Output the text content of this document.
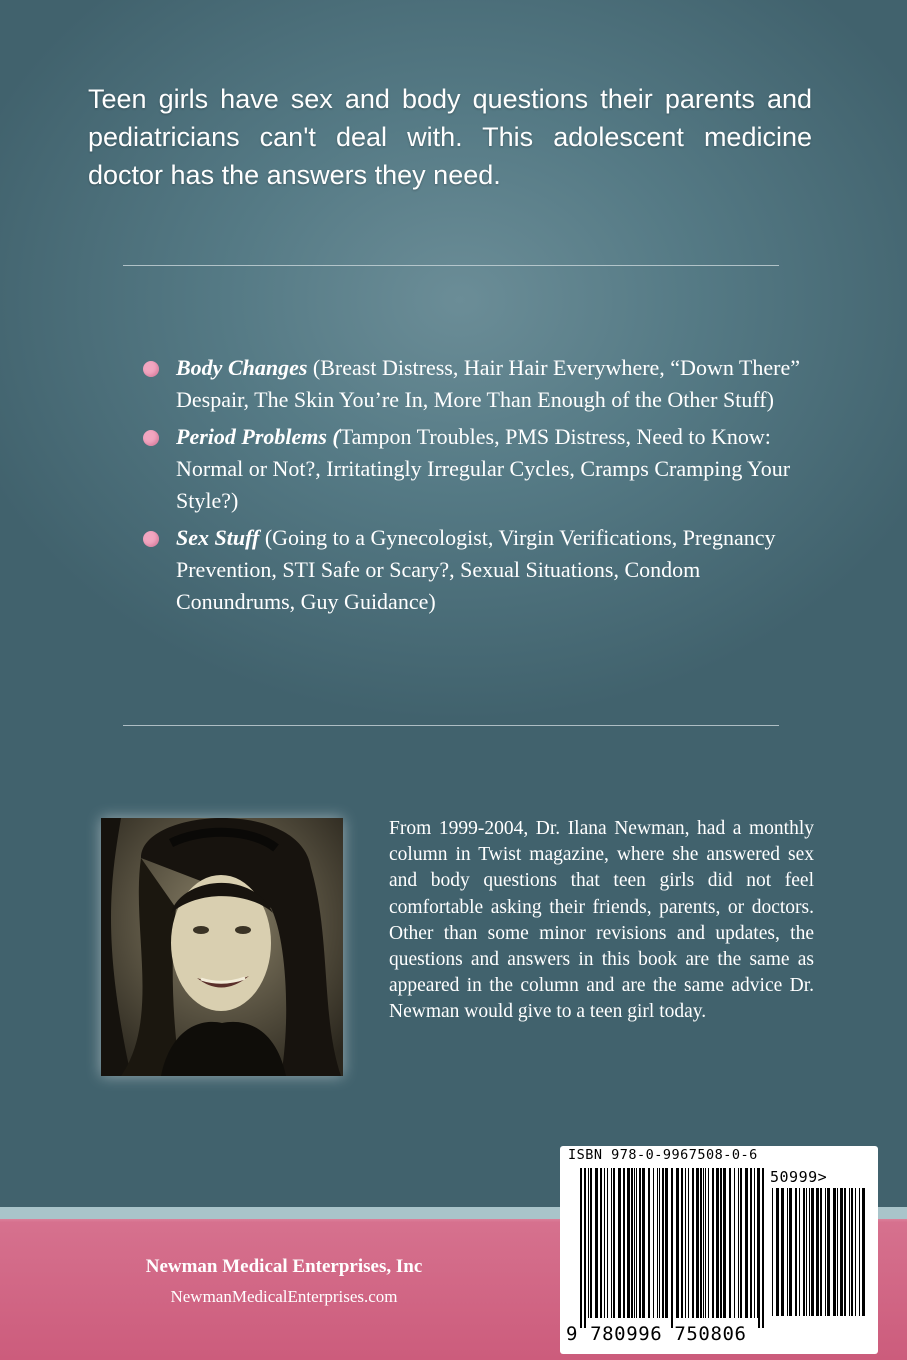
Teen girls have sex and body questions their parents and pediatricians can't deal with. This adolescent medicine doctor has the answers they need.

Body Changes (Breast Distress, Hair Hair Everywhere, “Down There” Despair, The Skin You’re In, More Than Enough of the Other Stuff)
Period Problems (Tampon Troubles, PMS Distress, Need to Know: Normal or Not?, Irritatingly Irregular Cycles, Cramps Cramping Your Style?)
Sex Stuff (Going to a Gynecologist, Virgin Verifications, Pregnancy Prevention, STI Safe or Scary?, Sexual Situations, Condom Conundrums, Guy Guidance)

From 1999-2004, Dr. Ilana Newman, had a monthly column in Twist magazine, where she answered sex and body questions that teen girls did not feel comfortable asking their friends, parents, or doctors. Other than some minor revisions and updates, the questions and answers in this book are the same as appeared in the column and are the same advice Dr. Newman would give to a teen girl today.

Newman Medical Enterprises, Inc
NewmanMedicalEnterprises.com
ISBN 978-0-9967508-0-6
50999>
9 780996 750806
